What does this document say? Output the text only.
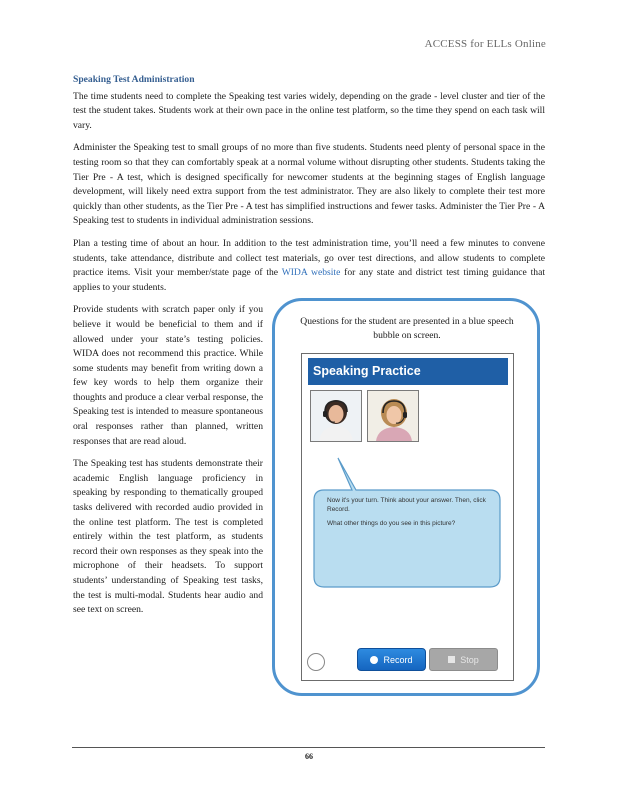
ACCESS for ELLs Online
Speaking Test Administration

The time students need to complete the Speaking test varies widely, depending on the grade - level cluster and tier of the test the student takes. Students work at their own pace in the online test platform, so the time they spend on each task will vary.

Administer the Speaking test to small groups of no more than five students. Students need plenty of personal space in the testing room so that they can comfortably speak at a normal volume without disrupting other students. Students taking the Tier Pre - A test, which is designed specifically for newcomer students at the beginning stages of English language development, will likely need extra support from the test administrator. They are also likely to complete their test more quickly than other students, as the Tier Pre - A test has simplified instructions and fewer tasks. Administer the Tier Pre - A Speaking test to students in individual administration sessions.

Plan a testing time of about an hour. In addition to the test administration time, you’ll need a few minutes to convene students, take attendance, distribute and collect test materials, go over test directions, and allow students to complete practice items. Visit your member/state page of the WIDA website for any state and district test timing guidance that applies to your students.

Provide students with scratch paper only if you believe it would be beneficial to them and if allowed under your state’s testing policies. WIDA does not recommend this practice. While some students may benefit from writing down a few key words to help them organize their thoughts and produce a clear verbal response, the Speaking test is intended to measure spontaneous oral responses rather than planned, written responses that are read aloud.

The Speaking test has students demonstrate their academic English language proficiency in speaking by responding to thematically grouped tasks delivered with recorded audio provided in the online test platform. The test is completed entirely within the test platform, as students record their own responses as they speak into the microphone of their headsets. To support students’ understanding of Speaking test tasks, the test is multi-modal. Students hear audio and see text on screen.

Questions for the student are presented in a blue speech bubble on screen.
Speaking Practice
Now it's your turn. Think about your answer. Then, click Record.
What other things do you see in this picture?
Record	Stop
66
